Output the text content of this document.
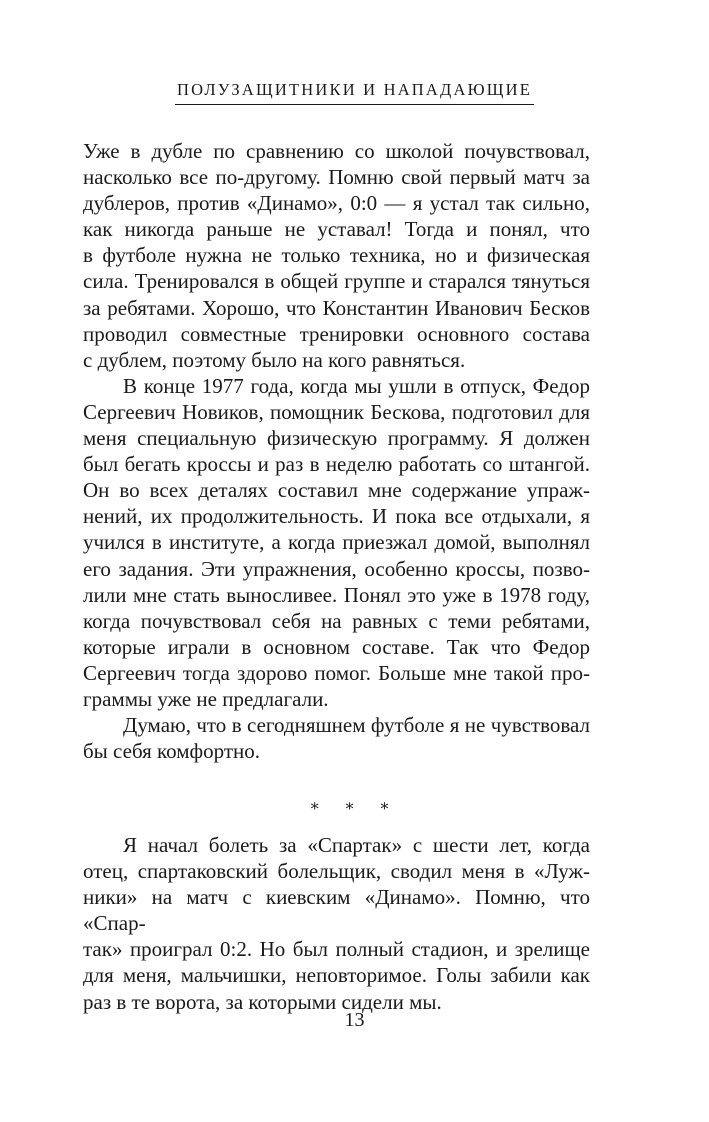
ПОЛУЗАЩИТНИКИ И НАПАДАЮЩИЕ

Уже в дубле по сравнению со школой почувствовал,
насколько все по-другому. Помню свой первый матч за
дублеров, против «Динамо», 0:0 — я устал так сильно,
как никогда раньше не уставал! Тогда и понял, что
в футболе нужна не только техника, но и физическая
сила. Тренировался в общей группе и старался тянуться
за ребятами. Хорошо, что Константин Иванович Бесков
проводил совместные тренировки основного состава
с дублем, поэтому было на кого равняться.

В конце 1977 года, когда мы ушли в отпуск, Федор
Сергеевич Новиков, помощник Бескова, подготовил для
меня специальную физическую программу. Я должен
был бегать кроссы и раз в неделю работать со штангой.
Он во всех деталях составил мне содержание упраж-
нений, их продолжительность. И пока все отдыхали, я
учился в институте, а когда приезжал домой, выполнял
его задания. Эти упражнения, особенно кроссы, позво-
лили мне стать выносливее. Понял это уже в 1978 году,
когда почувствовал себя на равных с теми ребятами,
которые играли в основном составе. Так что Федор
Сергеевич тогда здорово помог. Больше мне такой про-
граммы уже не предлагали.

Думаю, что в сегодняшнем футболе я не чувствовал
бы себя комфортно.

∗ ∗ ∗

Я начал болеть за «Спартак» с шести лет, когда
отец, спартаковский болельщик, сводил меня в «Луж-
ники» на матч с киевским «Динамо». Помню, что «Спар-
так» проиграл 0:2. Но был полный стадион, и зрелище
для меня, мальчишки, неповторимое. Голы забили как
раз в те ворота, за которыми сидели мы.

13
